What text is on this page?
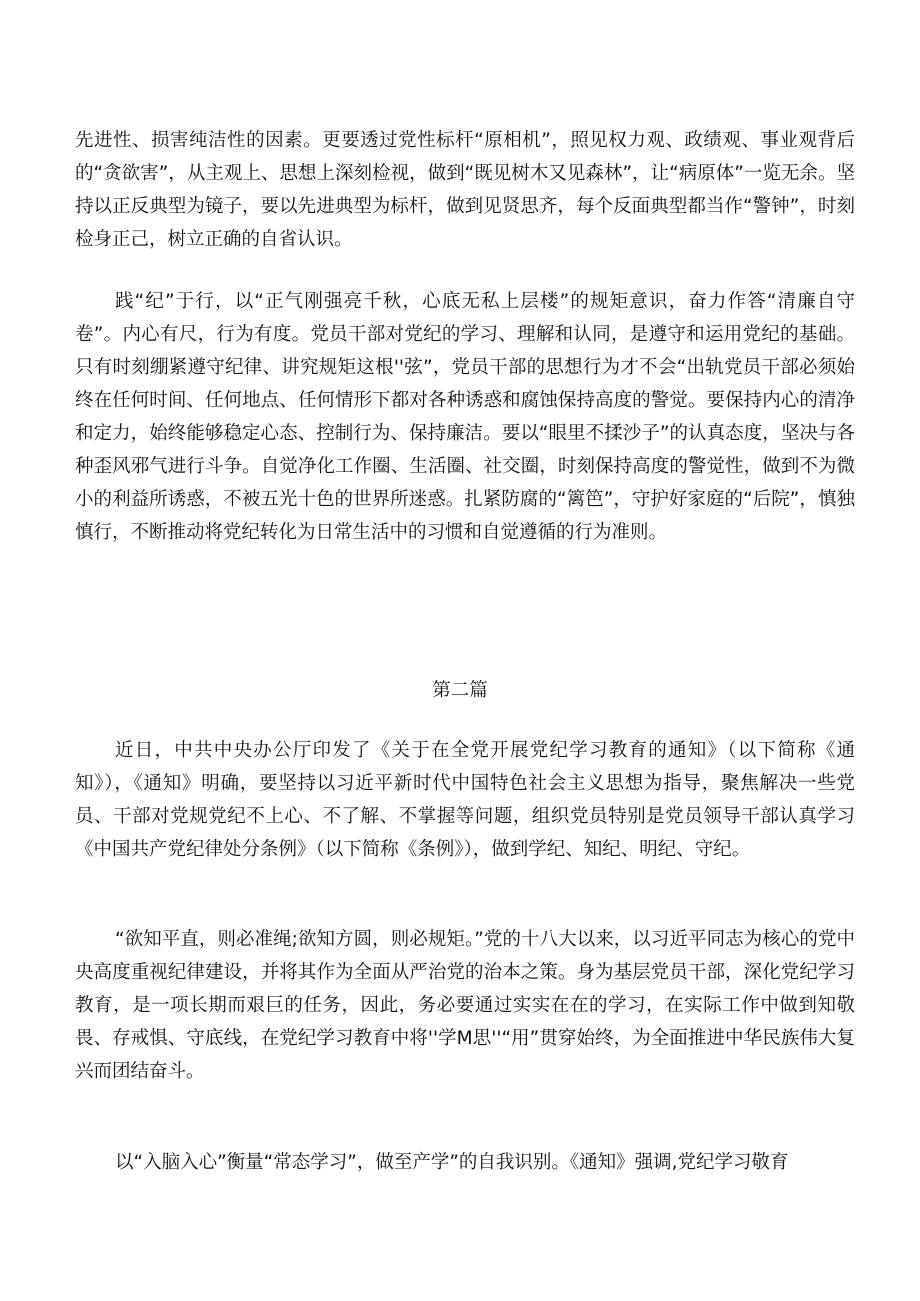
先进性、损害纯洁性的因素。更要透过党性标杆“原相机”，照见权力观、政绩观、事业观背后的“贪欲害”，从主观上、思想上深刻检视，做到“既见树木又见森林”，让“病原体”一览无余。坚持以正反典型为镜子，要以先进典型为标杆，做到见贤思齐，每个反面典型都当作“警钟”，时刻检身正己，树立正确的自省认识。

践“纪”于行，以“正气刚强亮千秋，心底无私上层楼”的规矩意识，奋力作答“清廉自守卷”。内心有尺，行为有度。党员干部对党纪的学习、理解和认同，是遵守和运用党纪的基础。只有时刻绷紧遵守纪律、讲究规矩这根''弦”，党员干部的思想行为才不会“出轨党员干部必须始终在任何时间、任何地点、任何情形下都对各种诱惑和腐蚀保持高度的警觉。要保持内心的清净和定力，始终能够稳定心态、控制行为、保持廉洁。要以“眼里不揉沙子”的认真态度，坚决与各种歪风邪气进行斗争。自觉净化工作圈、生活圈、社交圈，时刻保持高度的警觉性，做到不为微小的利益所诱惑，不被五光十色的世界所迷惑。扎紧防腐的“篱笆”，守护好家庭的“后院”，慎独慎行，不断推动将党纪转化为日常生活中的习惯和自觉遵循的行为准则。

第二篇

近日，中共中央办公厅印发了《关于在全党开展党纪学习教育的通知》（以下简称《通知》），《通知》明确，要坚持以习近平新时代中国特色社会主义思想为指导，聚焦解决一些党员、干部对党规党纪不上心、不了解、不掌握等问题，组织党员特别是党员领导干部认真学习《中国共产党纪律处分条例》（以下简称《条例》），做到学纪、知纪、明纪、守纪。

“欲知平直，则必准绳;欲知方圆，则必规矩。”党的十八大以来，以习近平同志为核心的党中央高度重视纪律建设，并将其作为全面从严治党的治本之策。身为基层党员干部，深化党纪学习教育，是一项长期而艰巨的任务，因此，务必要通过实实在在的学习，在实际工作中做到知敬畏、存戒惧、守底线，在党纪学习教育中将''学M思''“用”贯穿始终，为全面推进中华民族伟大复兴而团结奋斗。

以“入脑入心”衡量“常态学习”，做至产学”的自我识别。《通知》强调,党纪学习敬育
